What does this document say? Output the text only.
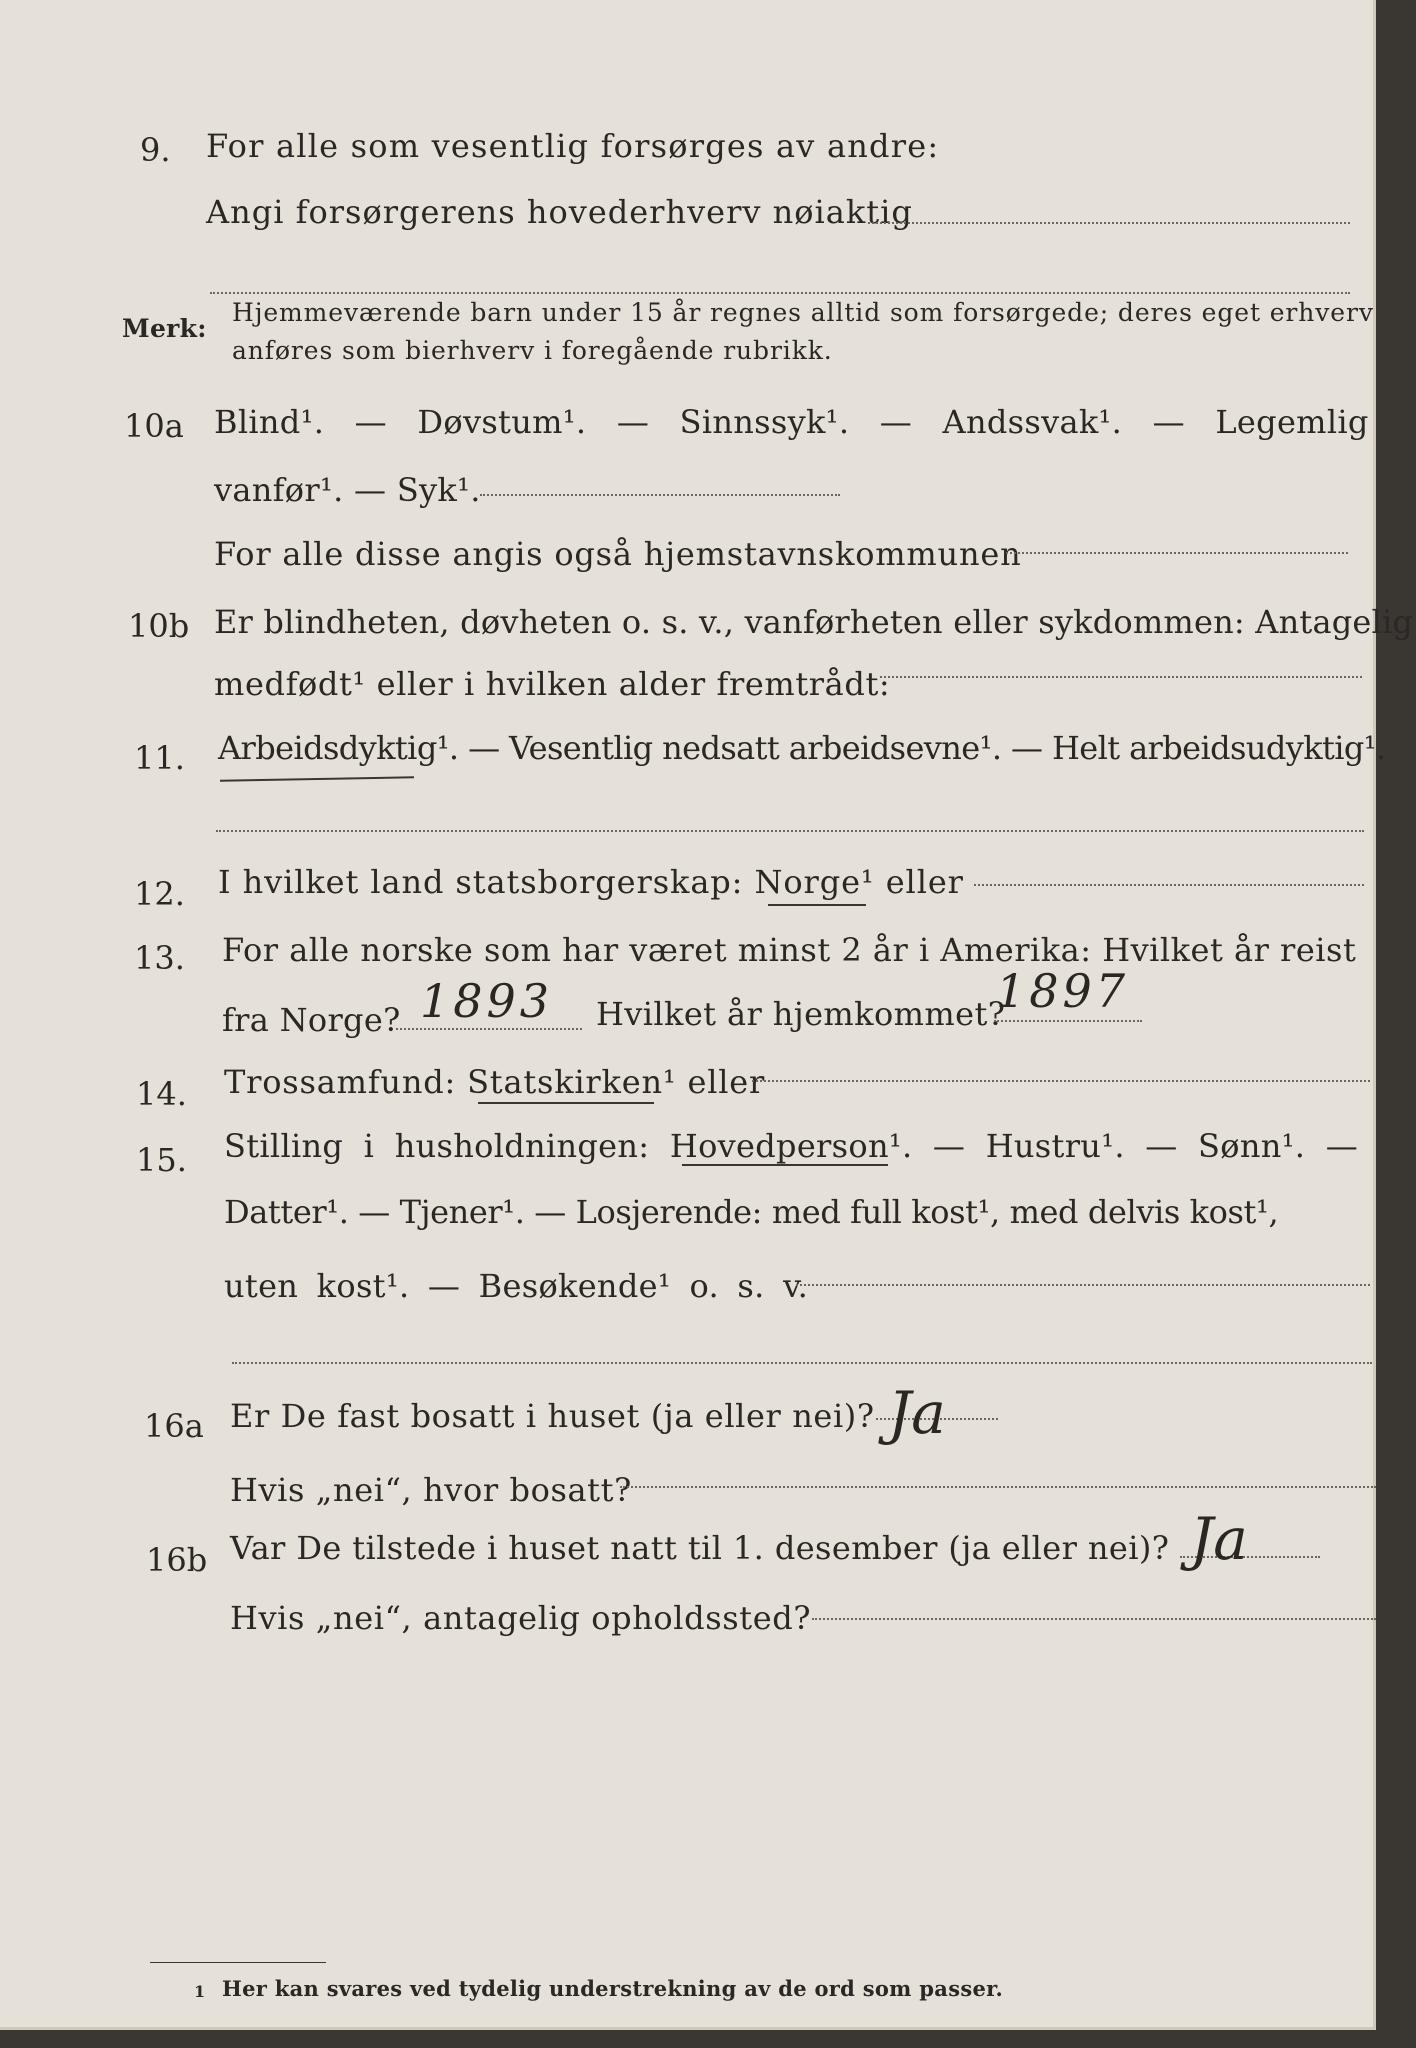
9. For alle som vesentlig forsørges av andre:
Angi forsørgerens hovederhverv nøiaktig
Merk:
Hjemmeværende barn under 15 år regnes alltid som forsørgede; deres eget erhverv
anføres som bierhverv i foregående rubrikk.
10a Blind¹. — Døvstum¹. — Sinnssyk¹. — Andssvak¹. — Legemlig
vanfør¹. — Syk¹.
For alle disse angis også hjemstavnskommunen
10b Er blindheten, døvheten o. s. v., vanførheten eller sykdommen: Antagelig
medfødt¹ eller i hvilken alder fremtrådt:
11. Arbeidsdyktig¹. — Vesentlig nedsatt arbeidsevne¹. — Helt arbeidsudyktig¹.
12. I hvilket land statsborgerskap: Norge¹ eller
13. For alle norske som har været minst 2 år i Amerika: Hvilket år reist
fra Norge? 1893 Hvilket år hjemkommet?
1897
14. Trossamfund: Statskirken¹ eller
15. Stilling i husholdningen: Hovedperson¹. — Hustru¹. — Sønn¹. —
Datter¹. — Tjener¹. — Losjerende: med full kost¹, med delvis kost¹,
uten kost¹. — Besøkende¹ o. s. v.
16a Er De fast bosatt i huset (ja eller nei)? Ja
Hvis „nei“, hvor bosatt?
16b Var De tilstede i huset natt til 1. desember (ja eller nei)? Ja
Hvis „nei“, antagelig opholdssted?
1 Her kan svares ved tydelig understrekning av de ord som passer.
